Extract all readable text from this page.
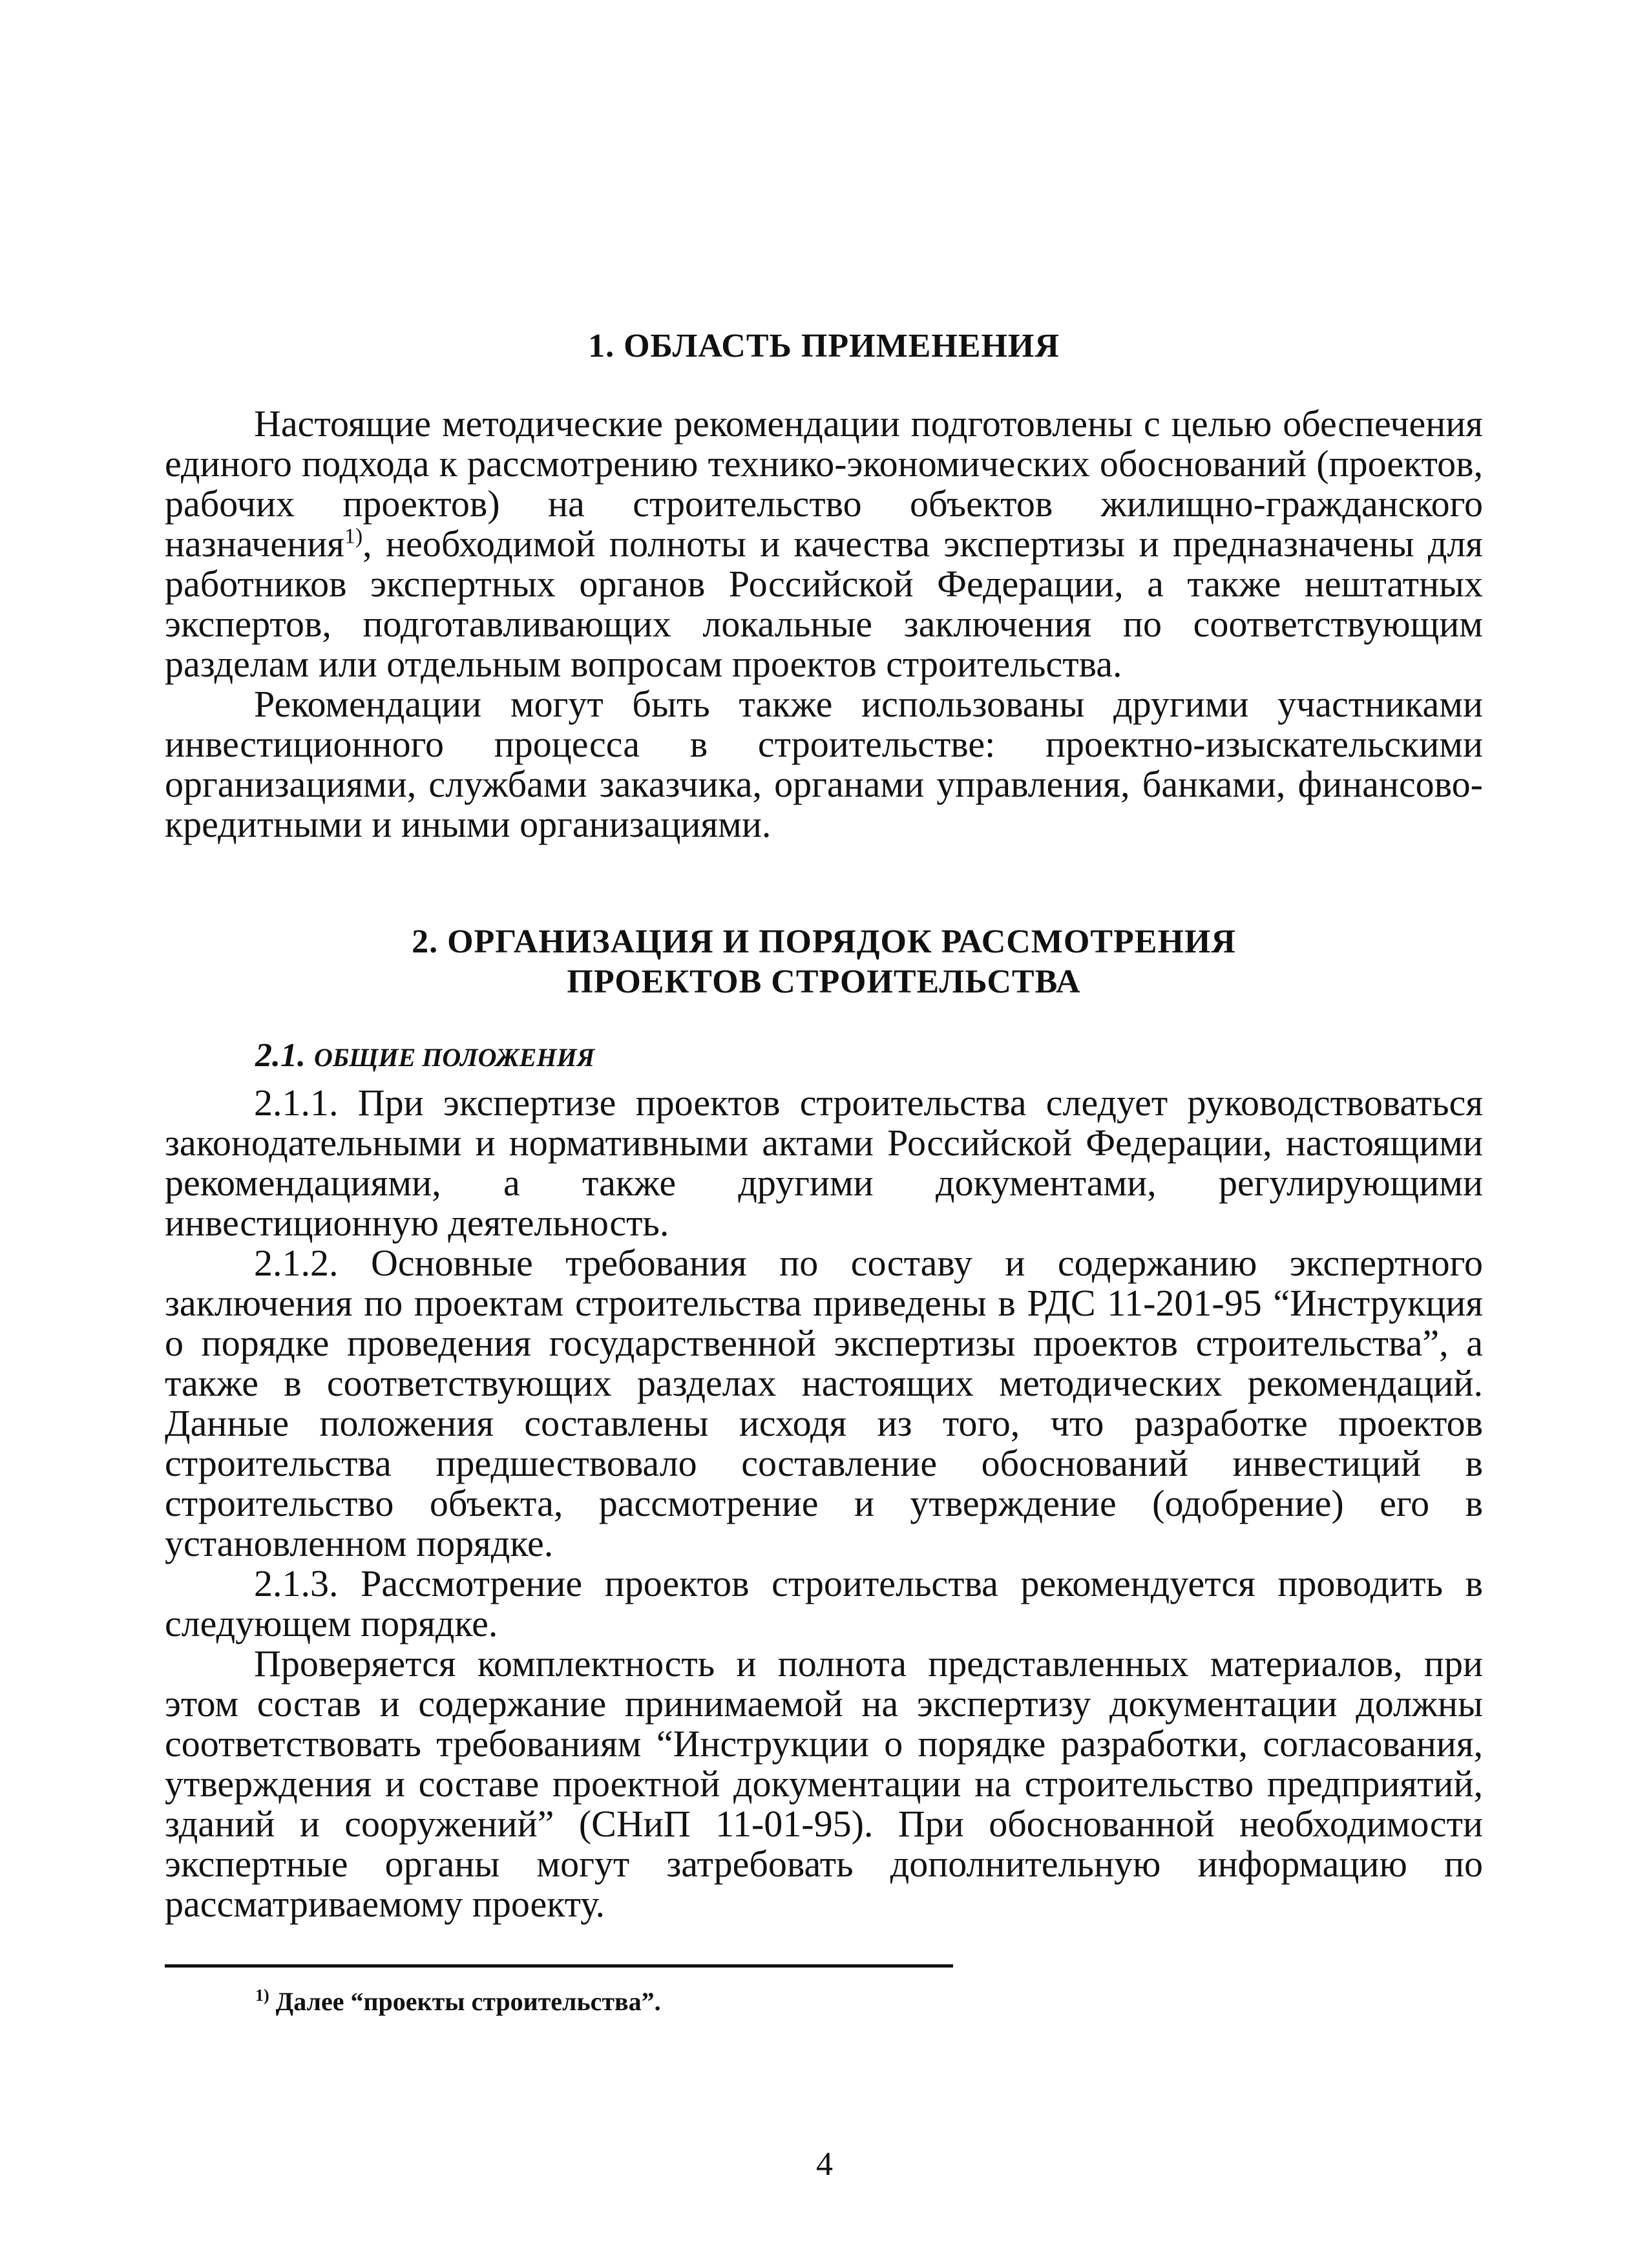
1. ОБЛАСТЬ ПРИМЕНЕНИЯ

Настоящие методические рекомендации подготовлены с целью обеспечения единого подхода к рассмотрению технико-экономических обоснований (проектов, рабочих проектов) на строительство объектов жилищно-гражданского назначения$^{1)}$, необходимой полноты и качества экспертизы и предназначены для работников экспертных органов Российской Федерации, а также нештатных экспертов, подготавливающих локальные заключения по соответствующим разделам или отдельным вопросам проектов строительства.

Рекомендации могут быть также использованы другими участниками инвестиционного процесса в строительстве: проектно-изыскательскими организациями, службами заказчика, органами управления, банками, финансово-кредитными и иными организациями.

2. ОРГАНИЗАЦИЯ И ПОРЯДОК РАССМОТРЕНИЯ
ПРОЕКТОВ СТРОИТЕЛЬСТВА
2.1. ОБЩИЕ ПОЛОЖЕНИЯ

2.1.1. При экспертизе проектов строительства следует руководствоваться законодательными и нормативными актами Российской Федерации, настоящими рекомендациями, а также другими документами, регулирующими инвестиционную деятельность.

2.1.2. Основные требования по составу и содержанию экспертного заключения по проектам строительства приведены в РДС 11-201-95 “Инструкция о порядке проведения государственной экспертизы проектов строительства”, а также в соответствующих разделах настоящих методических рекомендаций. Данные положения составлены исходя из того, что разработке проектов строительства предшествовало составление обоснований инвестиций в строительство объекта, рассмотрение и утверждение (одобрение) его в установленном порядке.

2.1.3. Рассмотрение проектов строительства рекомендуется проводить в следующем порядке.

Проверяется комплектность и полнота представленных материалов, при этом состав и содержание принимаемой на экспертизу документации должны соответствовать требованиям “Инструкции о порядке разработки, согласования, утверждения и составе проектной документации на строительство предприятий, зданий и сооружений” (СНиП 11-01-95). При обоснованной необходимости экспертные органы могут затребовать дополнительную информацию по рассматриваемому проекту.

$^{1)}$ Далее “проекты строительства”.
4
